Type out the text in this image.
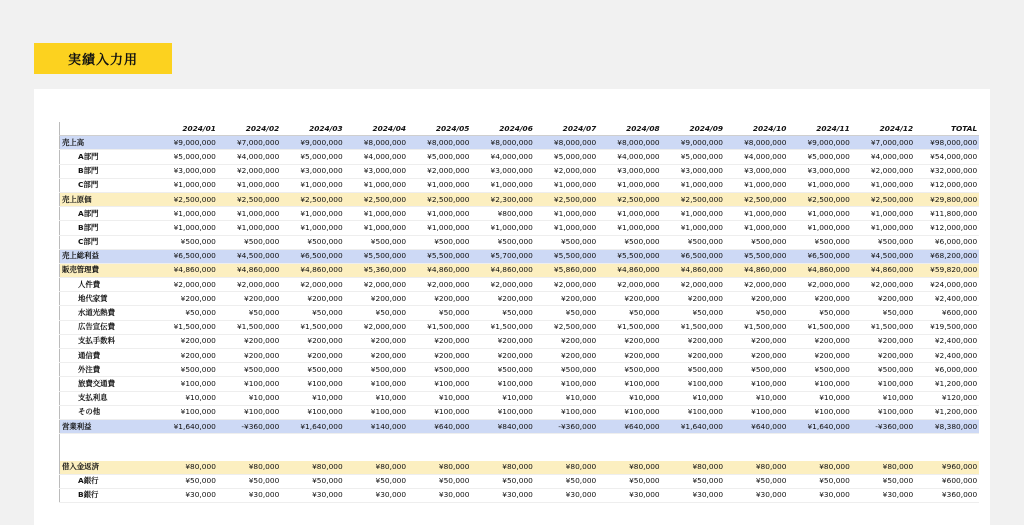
実績入力用
	2024/01	2024/02	2024/03	2024/04	2024/05	2024/06	2024/07	2024/08	2024/09	2024/10	2024/11	2024/12	TOTAL
売上高	¥9,000,000	¥7,000,000	¥9,000,000	¥8,000,000	¥8,000,000	¥8,000,000	¥8,000,000	¥8,000,000	¥9,000,000	¥8,000,000	¥9,000,000	¥7,000,000	¥98,000,000
A部門	¥5,000,000	¥4,000,000	¥5,000,000	¥4,000,000	¥5,000,000	¥4,000,000	¥5,000,000	¥4,000,000	¥5,000,000	¥4,000,000	¥5,000,000	¥4,000,000	¥54,000,000
B部門	¥3,000,000	¥2,000,000	¥3,000,000	¥3,000,000	¥2,000,000	¥3,000,000	¥2,000,000	¥3,000,000	¥3,000,000	¥3,000,000	¥3,000,000	¥2,000,000	¥32,000,000
C部門	¥1,000,000	¥1,000,000	¥1,000,000	¥1,000,000	¥1,000,000	¥1,000,000	¥1,000,000	¥1,000,000	¥1,000,000	¥1,000,000	¥1,000,000	¥1,000,000	¥12,000,000
売上原価	¥2,500,000	¥2,500,000	¥2,500,000	¥2,500,000	¥2,500,000	¥2,300,000	¥2,500,000	¥2,500,000	¥2,500,000	¥2,500,000	¥2,500,000	¥2,500,000	¥29,800,000
A部門	¥1,000,000	¥1,000,000	¥1,000,000	¥1,000,000	¥1,000,000	¥800,000	¥1,000,000	¥1,000,000	¥1,000,000	¥1,000,000	¥1,000,000	¥1,000,000	¥11,800,000
B部門	¥1,000,000	¥1,000,000	¥1,000,000	¥1,000,000	¥1,000,000	¥1,000,000	¥1,000,000	¥1,000,000	¥1,000,000	¥1,000,000	¥1,000,000	¥1,000,000	¥12,000,000
C部門	¥500,000	¥500,000	¥500,000	¥500,000	¥500,000	¥500,000	¥500,000	¥500,000	¥500,000	¥500,000	¥500,000	¥500,000	¥6,000,000
売上総利益	¥6,500,000	¥4,500,000	¥6,500,000	¥5,500,000	¥5,500,000	¥5,700,000	¥5,500,000	¥5,500,000	¥6,500,000	¥5,500,000	¥6,500,000	¥4,500,000	¥68,200,000
販売管理費	¥4,860,000	¥4,860,000	¥4,860,000	¥5,360,000	¥4,860,000	¥4,860,000	¥5,860,000	¥4,860,000	¥4,860,000	¥4,860,000	¥4,860,000	¥4,860,000	¥59,820,000
人件費	¥2,000,000	¥2,000,000	¥2,000,000	¥2,000,000	¥2,000,000	¥2,000,000	¥2,000,000	¥2,000,000	¥2,000,000	¥2,000,000	¥2,000,000	¥2,000,000	¥24,000,000
地代家賃	¥200,000	¥200,000	¥200,000	¥200,000	¥200,000	¥200,000	¥200,000	¥200,000	¥200,000	¥200,000	¥200,000	¥200,000	¥2,400,000
水道光熱費	¥50,000	¥50,000	¥50,000	¥50,000	¥50,000	¥50,000	¥50,000	¥50,000	¥50,000	¥50,000	¥50,000	¥50,000	¥600,000
広告宣伝費	¥1,500,000	¥1,500,000	¥1,500,000	¥2,000,000	¥1,500,000	¥1,500,000	¥2,500,000	¥1,500,000	¥1,500,000	¥1,500,000	¥1,500,000	¥1,500,000	¥19,500,000
支払手数料	¥200,000	¥200,000	¥200,000	¥200,000	¥200,000	¥200,000	¥200,000	¥200,000	¥200,000	¥200,000	¥200,000	¥200,000	¥2,400,000
通信費	¥200,000	¥200,000	¥200,000	¥200,000	¥200,000	¥200,000	¥200,000	¥200,000	¥200,000	¥200,000	¥200,000	¥200,000	¥2,400,000
外注費	¥500,000	¥500,000	¥500,000	¥500,000	¥500,000	¥500,000	¥500,000	¥500,000	¥500,000	¥500,000	¥500,000	¥500,000	¥6,000,000
旅費交通費	¥100,000	¥100,000	¥100,000	¥100,000	¥100,000	¥100,000	¥100,000	¥100,000	¥100,000	¥100,000	¥100,000	¥100,000	¥1,200,000
支払利息	¥10,000	¥10,000	¥10,000	¥10,000	¥10,000	¥10,000	¥10,000	¥10,000	¥10,000	¥10,000	¥10,000	¥10,000	¥120,000
その他	¥100,000	¥100,000	¥100,000	¥100,000	¥100,000	¥100,000	¥100,000	¥100,000	¥100,000	¥100,000	¥100,000	¥100,000	¥1,200,000
営業利益	¥1,640,000	-¥360,000	¥1,640,000	¥140,000	¥640,000	¥840,000	-¥360,000	¥640,000	¥1,640,000	¥640,000	¥1,640,000	-¥360,000	¥8,380,000

借入金返済	¥80,000	¥80,000	¥80,000	¥80,000	¥80,000	¥80,000	¥80,000	¥80,000	¥80,000	¥80,000	¥80,000	¥80,000	¥960,000
A銀行	¥50,000	¥50,000	¥50,000	¥50,000	¥50,000	¥50,000	¥50,000	¥50,000	¥50,000	¥50,000	¥50,000	¥50,000	¥600,000
B銀行	¥30,000	¥30,000	¥30,000	¥30,000	¥30,000	¥30,000	¥30,000	¥30,000	¥30,000	¥30,000	¥30,000	¥30,000	¥360,000
